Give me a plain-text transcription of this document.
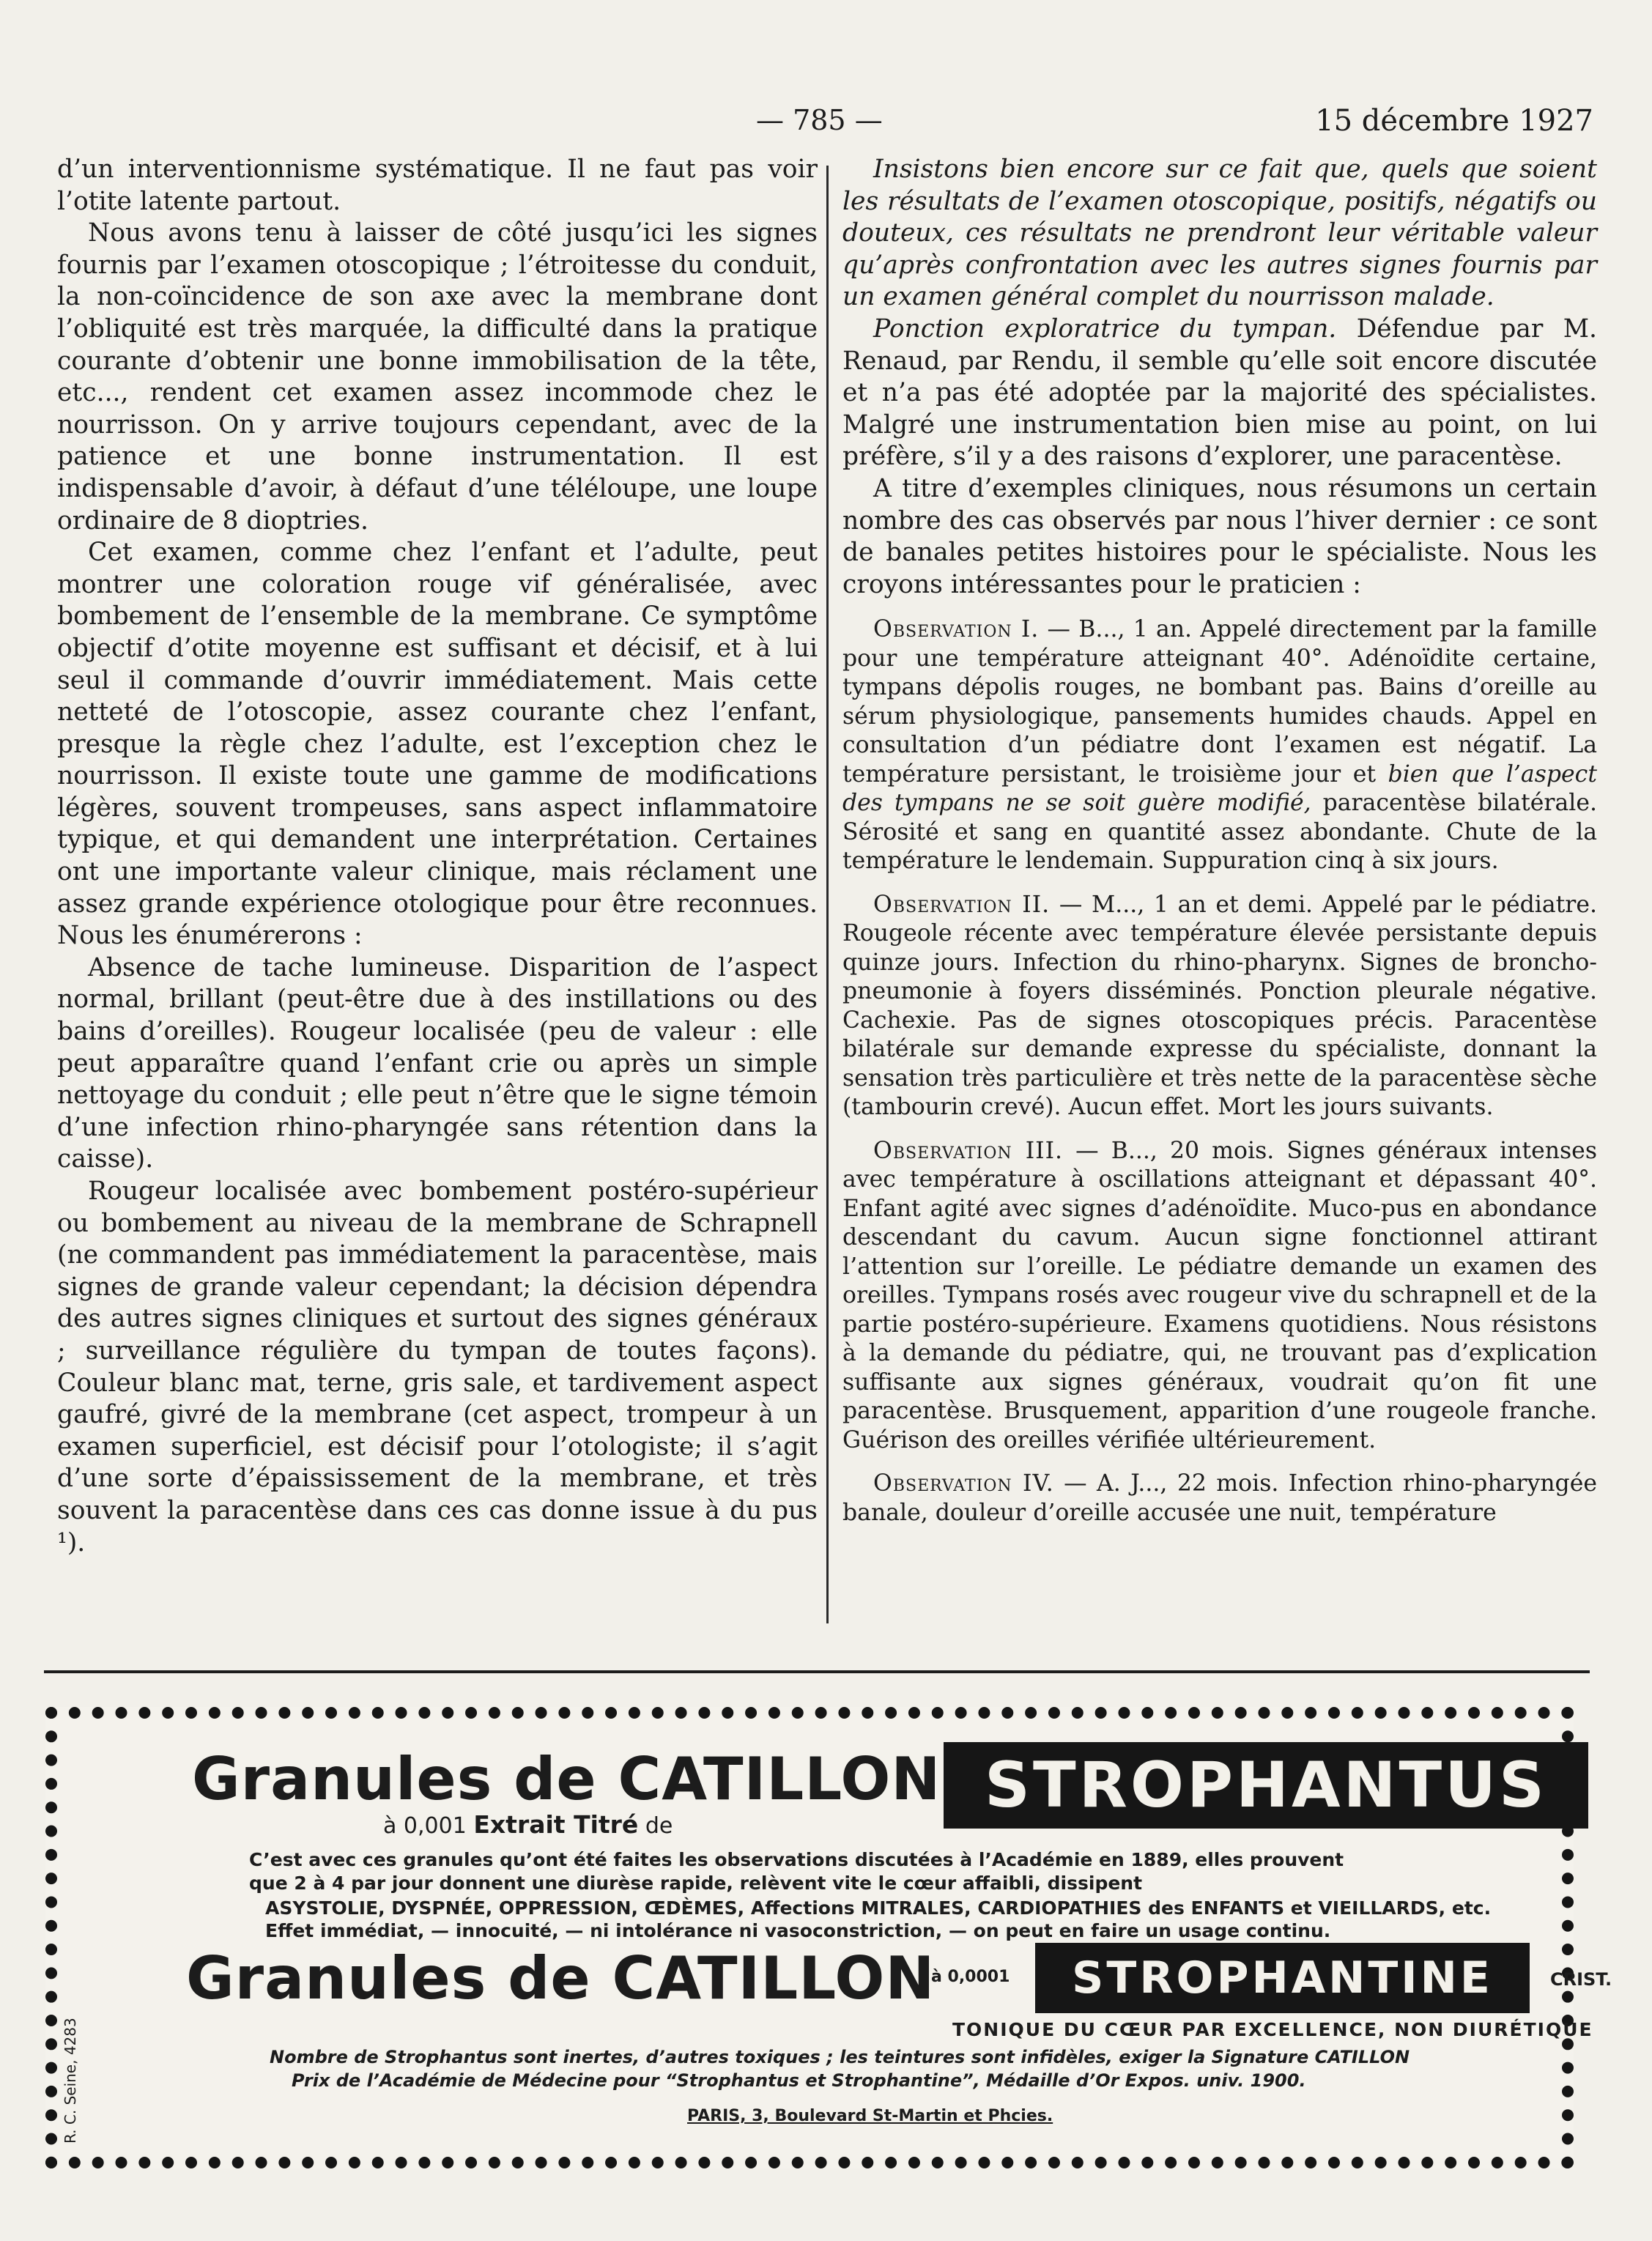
— 785 —	15 décembre 1927

d’un interventionnisme systématique. Il ne faut pas voir l’otite latente partout.

Nous avons tenu à laisser de côté jusqu’ici les signes fournis par l’examen otoscopique ; l’étroitesse du conduit, la non-coïncidence de son axe avec la membrane dont l’obliquité est très marquée, la difficulté dans la pratique courante d’obtenir une bonne immobilisation de la tête, etc..., rendent cet examen assez incommode chez le nourrisson. On y arrive toujours cependant, avec de la patience et une bonne instrumentation. Il est indispensable d’avoir, à défaut d’une téléloupe, une loupe ordinaire de 8 dioptries.

Cet examen, comme chez l’enfant et l’adulte, peut montrer une coloration rouge vif généralisée, avec bombement de l’ensemble de la membrane. Ce symptôme objectif d’otite moyenne est suffisant et décisif, et à lui seul il commande d’ouvrir immédiatement. Mais cette netteté de l’otoscopie, assez courante chez l’enfant, presque la règle chez l’adulte, est l’exception chez le nourrisson. Il existe toute une gamme de modifications légères, souvent trompeuses, sans aspect inflammatoire typique, et qui demandent une interprétation. Certaines ont une importante valeur clinique, mais réclament une assez grande expérience otologique pour être reconnues. Nous les énumérerons :

Absence de tache lumineuse. Disparition de l’aspect normal, brillant (peut-être due à des instillations ou des bains d’oreilles). Rougeur localisée (peu de valeur : elle peut apparaître quand l’enfant crie ou après un simple nettoyage du conduit ; elle peut n’être que le signe témoin d’une infection rhino-pharyngée sans rétention dans la caisse).

Rougeur localisée avec bombement postéro-supérieur ou bombement au niveau de la membrane de Schrapnell (ne commandent pas immédiatement la paracentèse, mais signes de grande valeur cependant; la décision dépendra des autres signes cliniques et surtout des signes généraux ; surveillance régulière du tympan de toutes façons). Couleur blanc mat, terne, gris sale, et tardivement aspect gaufré, givré de la membrane (cet aspect, trompeur à un examen superficiel, est décisif pour l’otologiste; il s’agit d’une sorte d’épaississement de la membrane, et très souvent la paracentèse dans ces cas donne issue à du pus ¹).

Insistons bien encore sur ce fait que, quels que soient les résultats de l’examen otoscopique, positifs, négatifs ou douteux, ces résultats ne prendront leur véritable valeur qu’après confrontation avec les autres signes fournis par un examen général complet du nourrisson malade.

Ponction exploratrice du tympan. Défendue par M. Renaud, par Rendu, il semble qu’elle soit encore discutée et n’a pas été adoptée par la majorité des spécialistes. Malgré une instrumentation bien mise au point, on lui préfère, s’il y a des raisons d’explorer, une paracentèse.

A titre d’exemples cliniques, nous résumons un certain nombre des cas observés par nous l’hiver dernier : ce sont de banales petites histoires pour le spécialiste. Nous les croyons intéressantes pour le praticien :

Observation I. — B..., 1 an. Appelé directement par la famille pour une température atteignant 40°. Adénoïdite certaine, tympans dépolis rouges, ne bombant pas. Bains d’oreille au sérum physiologique, pansements humides chauds. Appel en consultation d’un pédiatre dont l’examen est négatif. La température persistant, le troisième jour et bien que l’aspect des tympans ne se soit guère modifié, paracentèse bilatérale. Sérosité et sang en quantité assez abondante. Chute de la température le lendemain. Suppuration cinq à six jours.

Observation II. — M..., 1 an et demi. Appelé par le pédiatre. Rougeole récente avec température élevée persistante depuis quinze jours. Infection du rhino-pharynx. Signes de broncho-pneumonie à foyers disséminés. Ponction pleurale négative. Cachexie. Pas de signes otoscopiques précis. Paracentèse bilatérale sur demande expresse du spécialiste, donnant la sensation très particulière et très nette de la paracentèse sèche (tambourin crevé). Aucun effet. Mort les jours suivants.

Observation III. — B..., 20 mois. Signes généraux intenses avec température à oscillations atteignant et dépassant 40°. Enfant agité avec signes d’adénoïdite. Muco-pus en abondance descendant du cavum. Aucun signe fonctionnel attirant l’attention sur l’oreille. Le pédiatre demande un examen des oreilles. Tympans rosés avec rougeur vive du schrapnell et de la partie postéro-supérieure. Examens quotidiens. Nous résistons à la demande du pédiatre, qui, ne trouvant pas d’explication suffisante aux signes généraux, voudrait qu’on fit une paracentèse. Brusquement, apparition d’une rougeole franche. Guérison des oreilles vérifiée ultérieurement.

Observation IV. — A. J..., 22 mois. Infection rhino-pharyngée banale, douleur d’oreille accusée une nuit, température

R. C. Seine, 4283
Granules de CATILLON STROPHANTUS
à 0,001 Extrait Titré de
C’est avec ces granules qu’ont été faites les observations discutées à l’Académie en 1889, elles prouvent
que 2 à 4 par jour donnent une diurèse rapide, relèvent vite le cœur affaibli, dissipent
ASYSTOLIE, DYSPNÉE, OPPRESSION, ŒDÈMES, Affections MITRALES, CARDIOPATHIES des ENFANTS et VIEILLARDS, etc.
Effet immédiat, — innocuité, — ni intolérance ni vasoconstriction, — on peut en faire un usage continu.
Granules de CATILLON
à 0,0001	STROPHANTINE	CRIST.
TONIQUE DU CŒUR PAR EXCELLENCE, NON DIURÉTIQUE
Nombre de Strophantus sont inertes, d’autres toxiques ; les teintures sont infidèles, exiger la Signature CATILLON
Prix de l’Académie de Médecine pour “Strophantus et Strophantine”, Médaille d’Or Expos. univ. 1900.
PARIS, 3, Boulevard St-Martin et Phcies.
